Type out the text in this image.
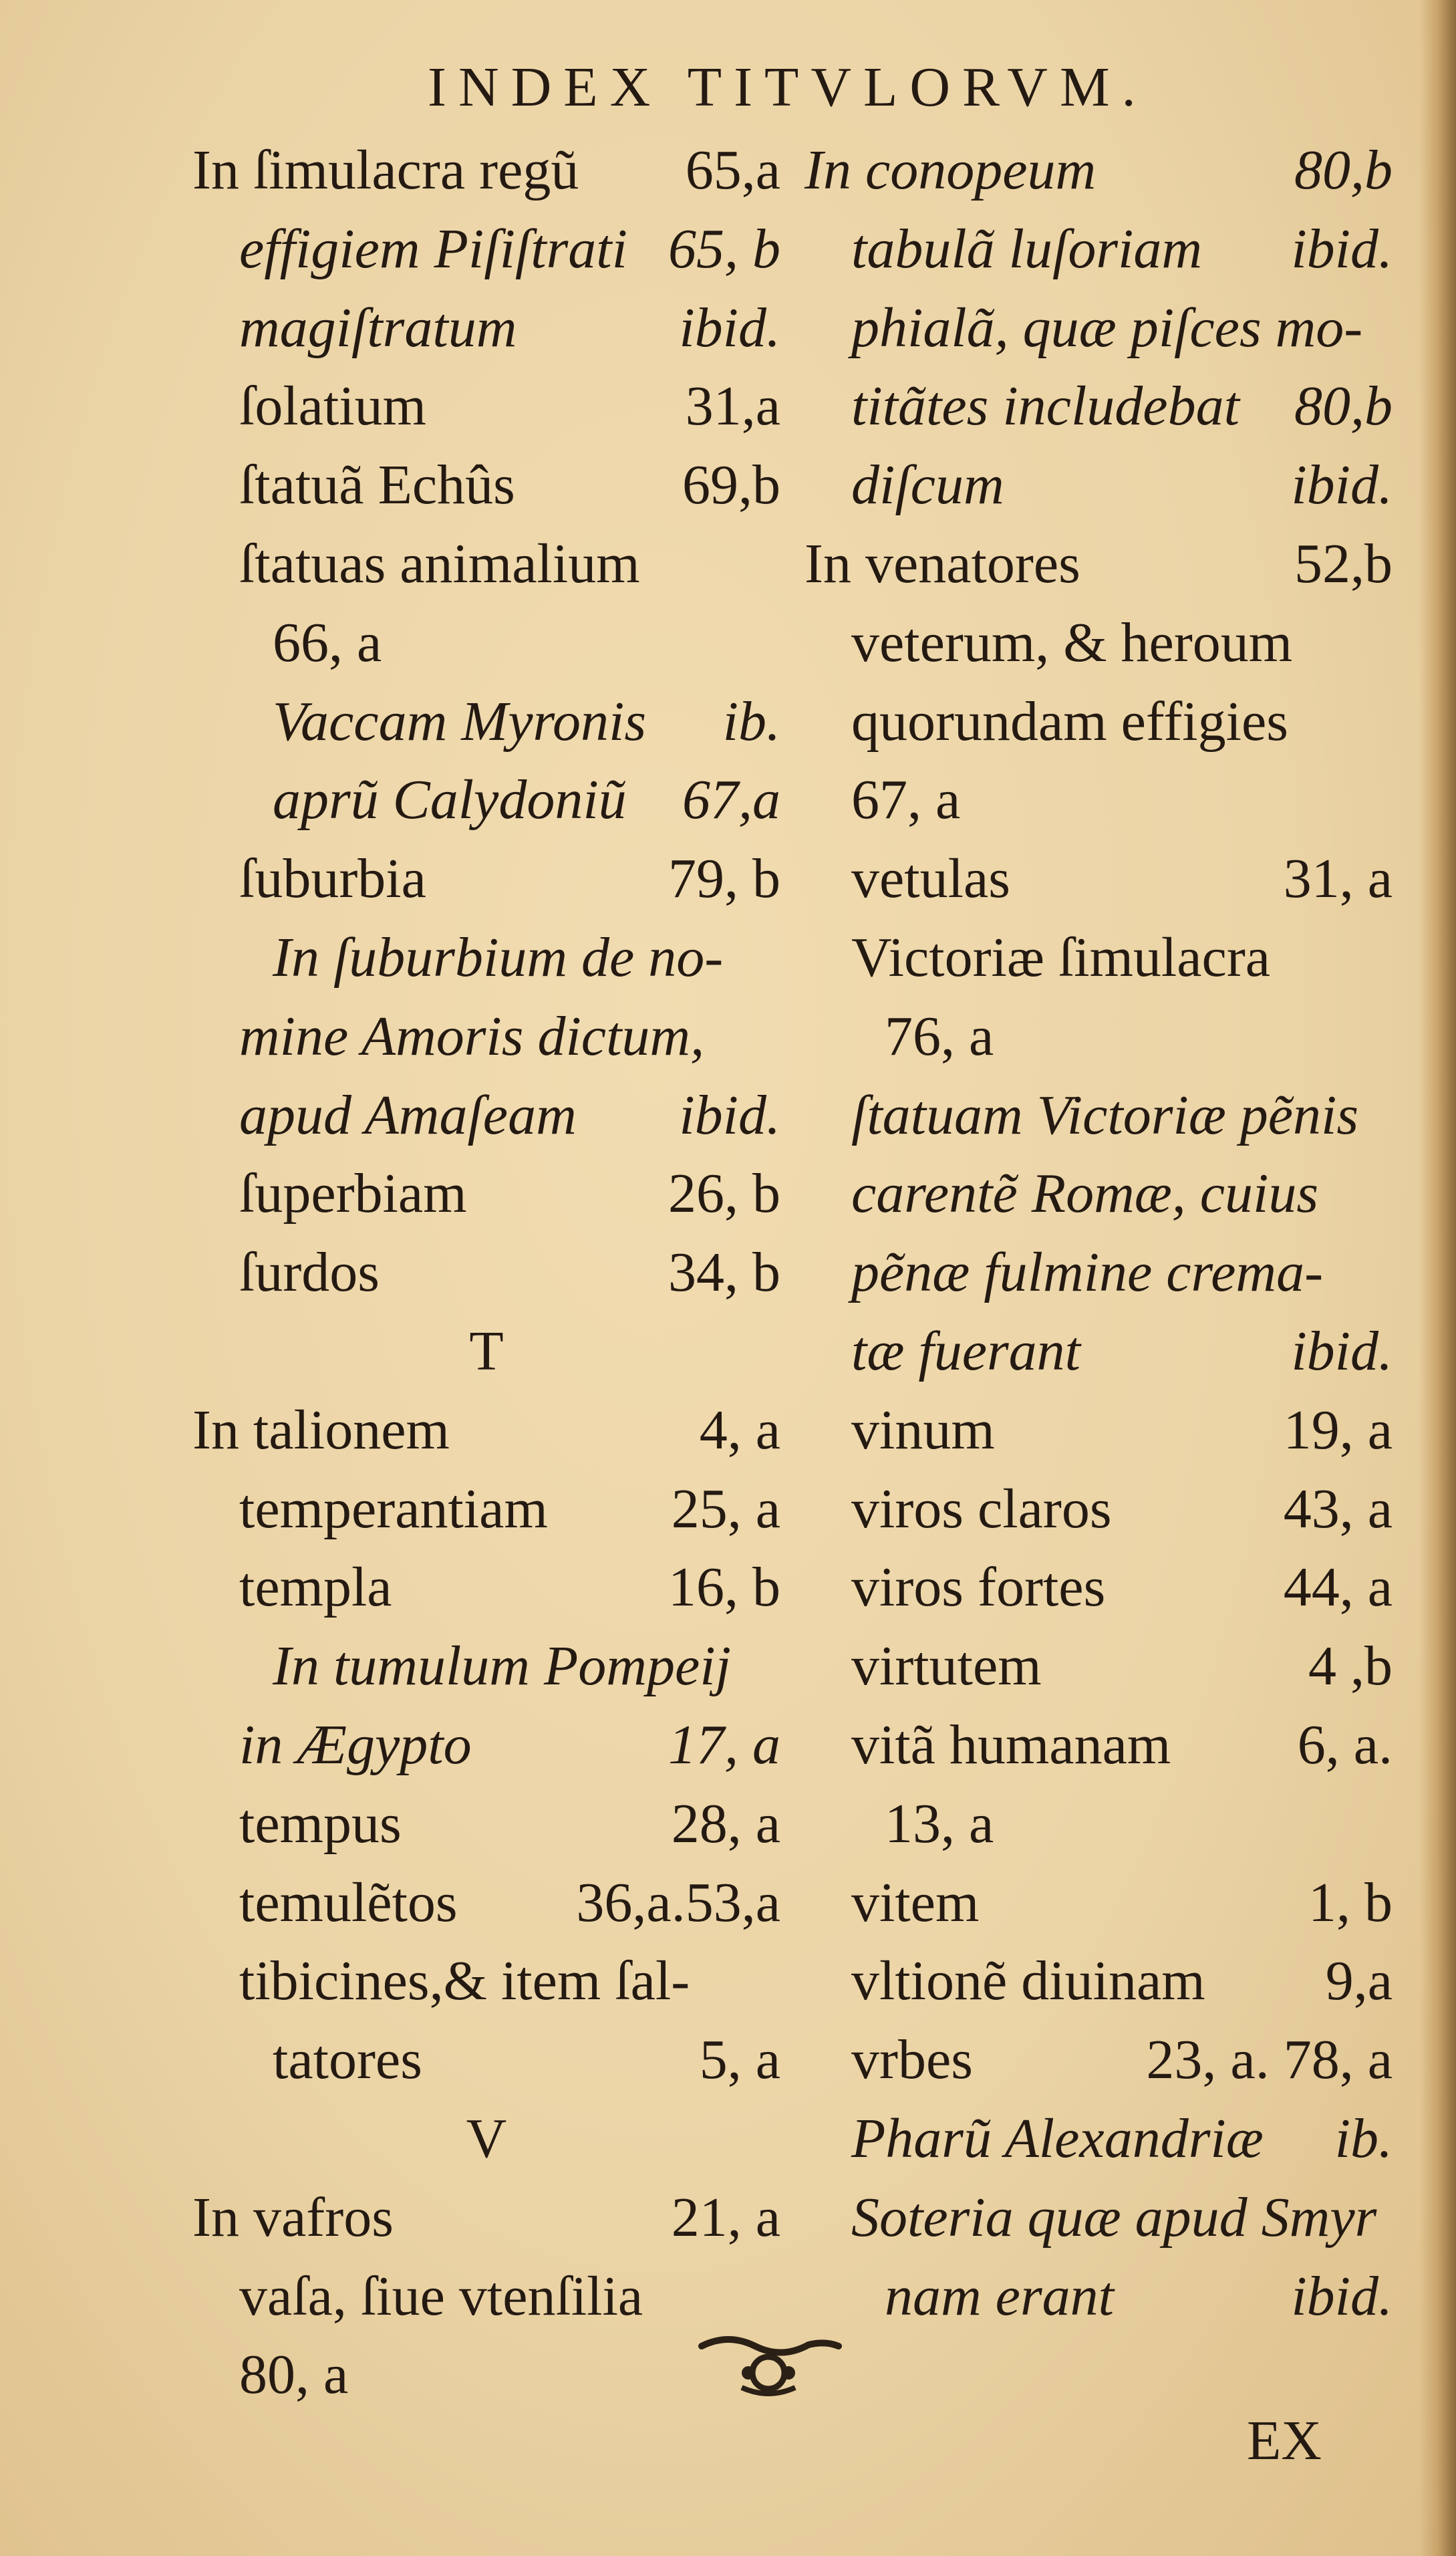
INDEX TITVLORVM.
In ſimulacra regũ 65,a
effigiem Piſiſtrati 65, b
magiſtratum	ibid.
ſolatium	31,a
ſtatuã Echûs	69,b
ſtatuas animalium
66, a
Vaccam Myronis ib.
aprũ Calydoniũ 67,a
ſuburbia	79, b
In ſuburbium de no-
mine Amoris dictum,
apud Amaſeam ibid.
ſuperbiam	26, b
ſurdos	34, b
T
In talionem	4, a
temperantiam 25, a
templa	16, b
In tumulum Pompeij
in Ægypto	17, a
tempus	28, a
temulẽtos 36,a.53,a
tibicines,& item ſal-
tatores	5, a
V
In vafros	21, a
vaſa, ſiue vtenſilia
80, a
In conopeum	80,b
tabulã luſoriam ibid.
phialã, quæ piſces mo-
titãtes includebat 80,b
diſcum	ibid.
In venatores	52,b
veterum, & heroum
quorundam effigies
67, a
vetulas	31, a
Victoriæ ſimulacra
76, a
ſtatuam Victoriæ pẽnis
carentẽ Romæ, cuius
pẽnæ fulmine crema-
tæ fuerant	ibid.
vinum	19, a
viros claros	43, a
viros fortes	44, a
virtutem	4 ,b
vitã humanam 6, a.
13, a
vitem	1, b
vltionẽ diuinam 9,a
vrbes	23, a. 78, a
Pharũ Alexandriæ ib.
Soteria quæ apud Smyr
nam erant	ibid.
EX
